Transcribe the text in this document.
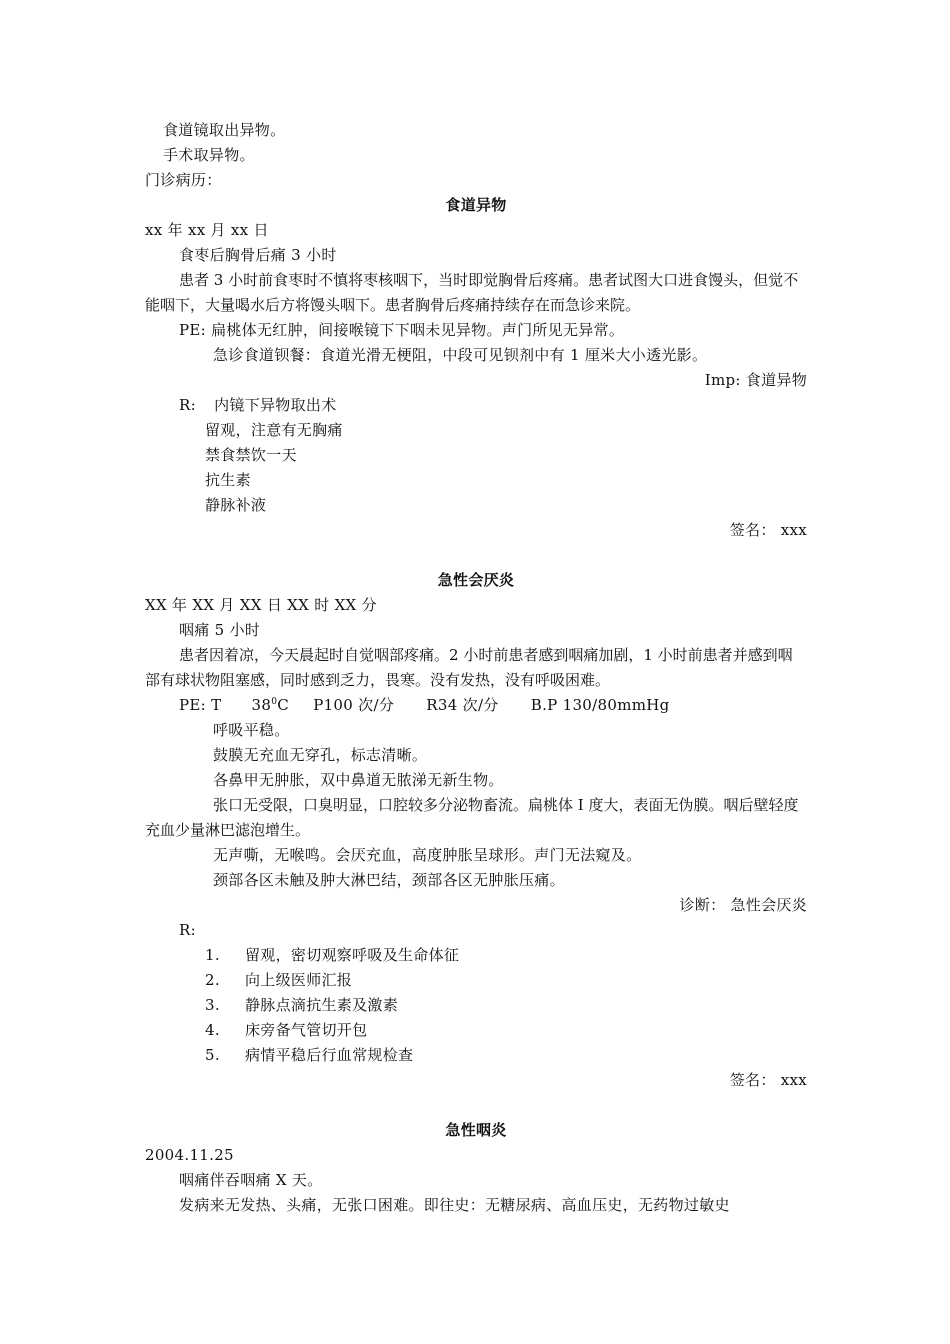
食道镜取出异物。
手术取异物。
门诊病历：
食道异物
xx 年 xx 月 xx 日
食枣后胸骨后痛 3 小时
患者 3 小时前食枣时不慎将枣核咽下，当时即觉胸骨后疼痛。患者试图大口进食馒头，但觉不能咽下，大量喝水后方将馒头咽下。患者胸骨后疼痛持续存在而急诊来院。
PE: 扁桃体无红肿，间接喉镜下下咽未见异物。声门所见无异常。
急诊食道钡餐：食道光滑无梗阻，中段可见钡剂中有 1 厘米大小透光影。
Imp: 食道异物
R: 内镜下异物取出术
留观，注意有无胸痛
禁食禁饮一天
抗生素
静脉补液
签名： xxx
急性会厌炎
XX 年 XX 月 XX 日 XX 时 XX 分
咽痛 5 小时
患者因着凉，今天晨起时自觉咽部疼痛。2 小时前患者感到咽痛加剧，1 小时前患者并感到咽部有球状物阻塞感，同时感到乏力，畏寒。没有发热，没有呼吸困难。
PE: T $38^0C$ P100 次/分 R34 次/分 B.P 130/80mmHg
呼吸平稳。
鼓膜无充血无穿孔，标志清晰。
各鼻甲无肿胀，双中鼻道无脓涕无新生物。
张口无受限，口臭明显，口腔较多分泌物畜流。扁桃体 I 度大，表面无伪膜。咽后壁轻度充血少量淋巴滤泡增生。
无声嘶，无喉鸣。会厌充血，高度肿胀呈球形。声门无法窥及。
颈部各区未触及肿大淋巴结，颈部各区无肿胀压痛。
诊断： 急性会厌炎
R:
1. 留观，密切观察呼吸及生命体征
2. 向上级医师汇报
3. 静脉点滴抗生素及激素
4. 床旁备气管切开包
5. 病情平稳后行血常规检查
签名： xxx
急性咽炎
2004.11.25
咽痛伴吞咽痛 X 天。
发病来无发热、头痛，无张口困难。即往史：无糖尿病、高血压史，无药物过敏史
